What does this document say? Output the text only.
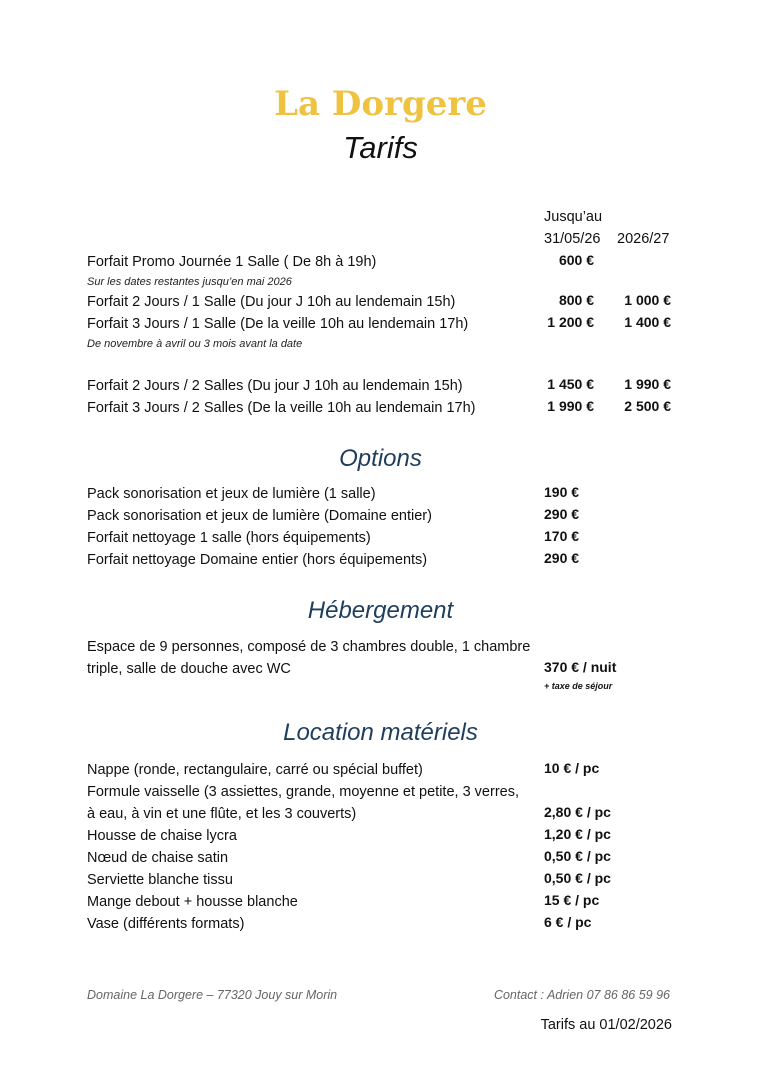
La Dorgere
Tarifs
Jusqu’au
31/05/26 2026/27
Forfait Promo Journée 1 Salle ( De 8h à 19h)	600 €
Sur les dates restantes jusqu’en mai 2026
Forfait 2 Jours / 1 Salle (Du jour J 10h au lendemain 15h)	800 €	1 000 €
Forfait 3 Jours / 1 Salle (De la veille 10h au lendemain 17h)	1 200 €	1 400 €
De novembre à avril ou 3 mois avant la date
Forfait 2 Jours / 2 Salles (Du jour J 10h au lendemain 15h)	1 450 €	1 990 €
Forfait 3 Jours / 2 Salles (De la veille 10h au lendemain 17h)	1 990 €	2 500 €
Options
Pack sonorisation et jeux de lumière (1 salle)	190 €
Pack sonorisation et jeux de lumière (Domaine entier)	290 €
Forfait nettoyage 1 salle (hors équipements)	170 €
Forfait nettoyage Domaine entier (hors équipements)	290 €
Hébergement
Espace de 9 personnes, composé de 3 chambres double, 1 chambre
triple, salle de douche avec WC	370 € / nuit
+ taxe de séjour
Location matériels
Nappe (ronde, rectangulaire, carré ou spécial buffet)	10 € / pc
Formule vaisselle (3 assiettes, grande, moyenne et petite, 3 verres,
à eau, à vin et une flûte, et les 3 couverts)	2,80 € / pc
Housse de chaise lycra	1,20 € / pc
Nœud de chaise satin	0,50 € / pc
Serviette blanche tissu	0,50 € / pc
Mange debout + housse blanche	15 € / pc
Vase (différents formats)	6 € / pc
Domaine La Dorgere – 77320 Jouy sur Morin	Contact : Adrien 07 86 86 59 96
Tarifs au 01/02/2026
